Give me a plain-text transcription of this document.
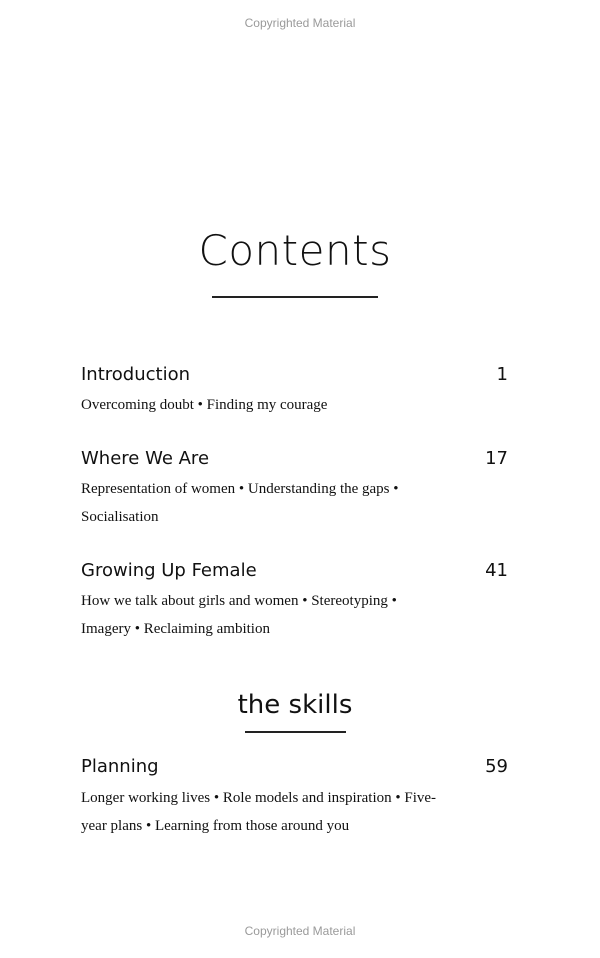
Copyrighted Material
Contents
Introduction	1
Overcoming doubt • Finding my courage
Where We Are	17
Representation of women • Understanding the gaps •
Socialisation
Growing Up Female	41
How we talk about girls and women • Stereotyping •
Imagery • Reclaiming ambition
the skills
Planning	59
Longer working lives • Role models and inspiration • Five-
year plans • Learning from those around you
Copyrighted Material
